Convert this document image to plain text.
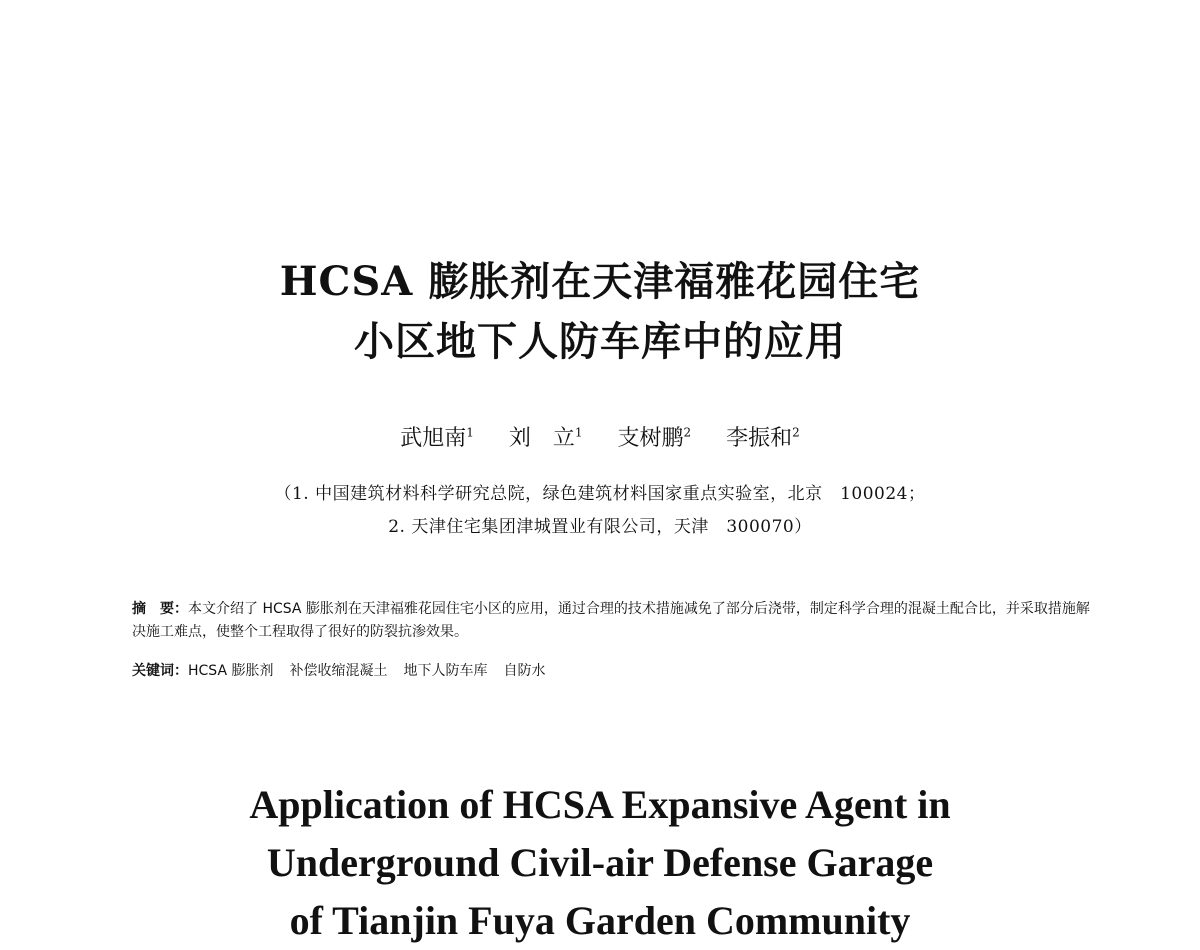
HCSA 膨胀剂在天津福雅花园住宅
小区地下人防车库中的应用
武旭南$^1$ 刘　立$^1$ 支树鹏$^2$ 李振和$^2$
（1. 中国建筑材料科学研究总院，绿色建筑材料国家重点实验室，北京　100024；
2. 天津住宅集团津城置业有限公司，天津　300070）
摘　要：本文介绍了 HCSA 膨胀剂在天津福雅花园住宅小区的应用，通过合理的技术措施减免了部分后浇带，制定科学合理的混凝土配合比，并采取措施解决施工难点，使整个工程取得了很好的防裂抗渗效果。
关键词：HCSA 膨胀剂 补偿收缩混凝土 地下人防车库 自防水
Application of HCSA Expansive Agent in
Underground Civil-air Defense Garage
of Tianjin Fuya Garden Community
